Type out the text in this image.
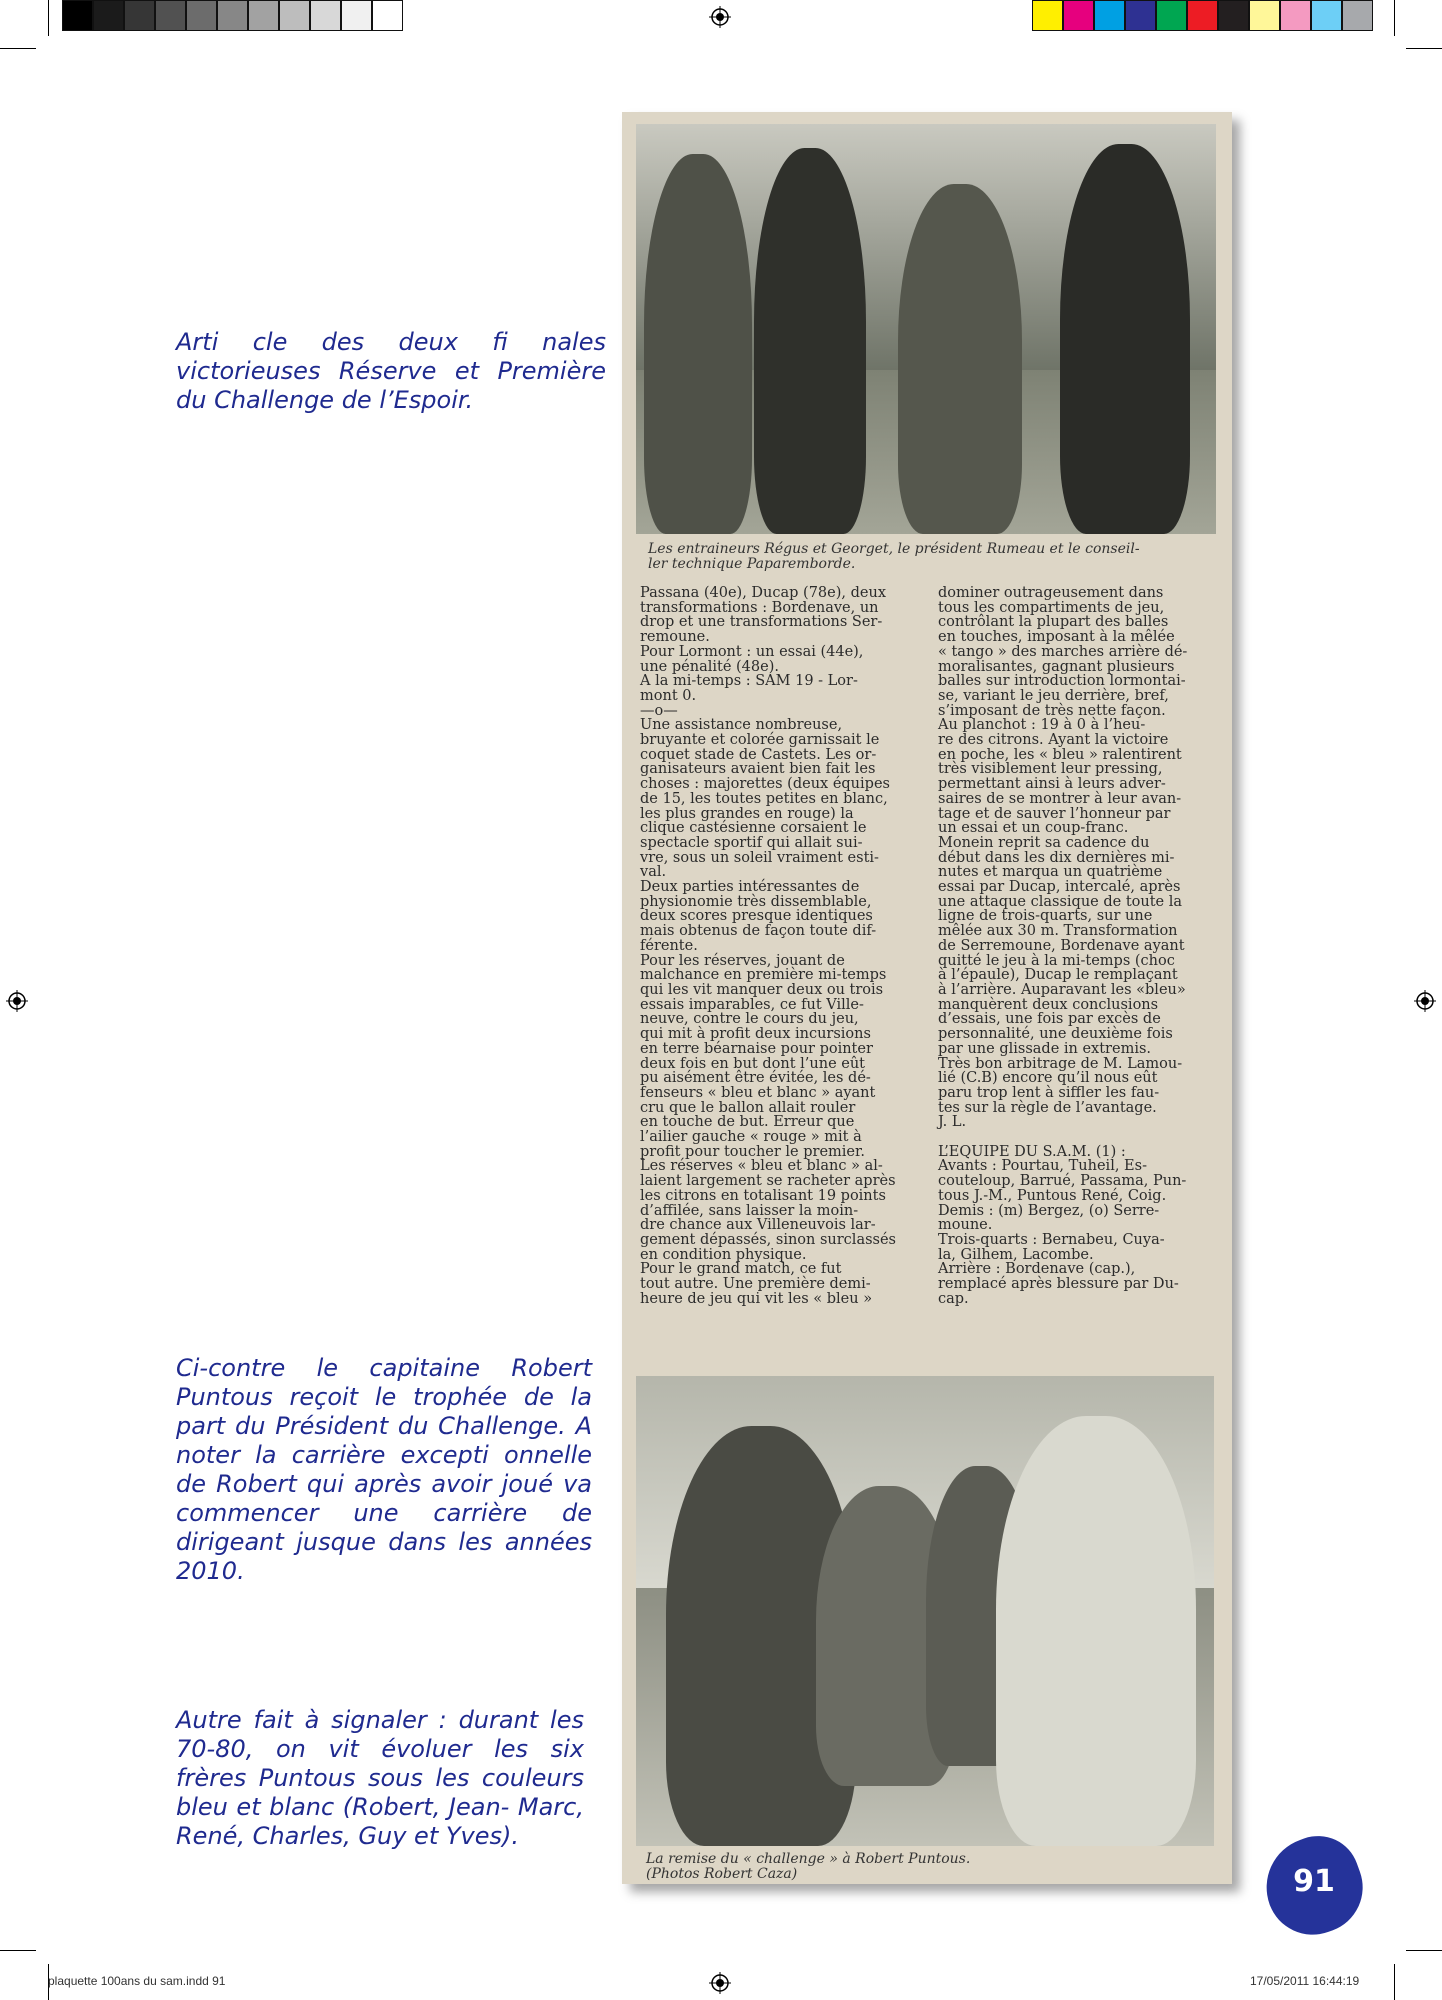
Arti cle des deux fi nales victorieuses Réserve et Première du Challenge de l’Espoir.

Ci-contre le capitaine Robert Puntous reçoit le trophée de la part du Président du Challenge. A noter la carrière excepti onnelle de Robert qui après avoir joué va commencer une carrière de dirigeant jusque dans les années 2010.

Autre fait à signaler : durant les 70-80, on vit évoluer les six frères Puntous sous les couleurs bleu et blanc (Robert, Jean- Marc, René, Charles, Guy et Yves).

Les entraineurs Régus et Georget, le président Rumeau et le conseil-
ler technique Paparemborde.

Passana (40e), Ducap (78e), deux
transformations : Bordenave, un
drop et une transformations Ser-
remoune.
Pour Lormont : un essai (44e),
une pénalité (48e).
A la mi-temps : SAM 19 - Lor-
mont 0.
—o—
Une assistance nombreuse,
bruyante et colorée garnissait le
coquet stade de Castets. Les or-
ganisateurs avaient bien fait les
choses : majorettes (deux équipes
de 15, les toutes petites en blanc,
les plus grandes en rouge) la
clique castésienne corsaient le
spectacle sportif qui allait sui-
vre, sous un soleil vraiment esti-
val.
Deux parties intéressantes de
physionomie très dissemblable,
deux scores presque identiques
mais obtenus de façon toute dif-
férente.
Pour les réserves, jouant de
malchance en première mi-temps
qui les vit manquer deux ou trois
essais imparables, ce fut Ville-
neuve, contre le cours du jeu,
qui mit à profit deux incursions
en terre béarnaise pour pointer
deux fois en but dont l’une eût
pu aisément être évitée, les dé-
fenseurs « bleu et blanc » ayant
cru que le ballon allait rouler
en touche de but. Erreur que
l’ailier gauche « rouge » mit à
profit pour toucher le premier.
Les réserves « bleu et blanc » al-
laient largement se racheter après
les citrons en totalisant 19 points
d’affilée, sans laisser la moin-
dre chance aux Villeneuvois lar-
gement dépassés, sinon surclassés
en condition physique.
Pour le grand match, ce fut
tout autre. Une première demi-
heure de jeu qui vit les « bleu »

dominer outrageusement dans
tous les compartiments de jeu,
contrôlant la plupart des balles
en touches, imposant à la mêlée
« tango » des marches arrière dé-
moralisantes, gagnant plusieurs
balles sur introduction lormontai-
se, variant le jeu derrière, bref,
s’imposant de très nette façon.
Au planchot : 19 à 0 à l’heu-
re des citrons. Ayant la victoire
en poche, les « bleu » ralentirent
très visiblement leur pressing,
permettant ainsi à leurs adver-
saires de se montrer à leur avan-
tage et de sauver l’honneur par
un essai et un coup-franc.
Monein reprit sa cadence du
début dans les dix dernières mi-
nutes et marqua un quatrième
essai par Ducap, intercalé, après
une attaque classique de toute la
ligne de trois-quarts, sur une
mêlée aux 30 m. Transformation
de Serremoune, Bordenave ayant
quitté le jeu à la mi-temps (choc
à l’épaule), Ducap le remplaçant
à l’arrière. Auparavant les «bleu»
manquèrent deux conclusions
d’essais, une fois par excès de
personnalité, une deuxième fois
par une glissade in extremis.
Très bon arbitrage de M. Lamou-
lié (C.B) encore qu’il nous eût
paru trop lent à siffler les fau-
tes sur la règle de l’avantage.
J. L.

L’EQUIPE DU S.A.M. (1) :
Avants : Pourtau, Tuheil, Es-
couteloup, Barrué, Passama, Pun-
tous J.-M., Puntous René, Coig.
Demis : (m) Bergez, (o) Serre-
moune.
Trois-quarts : Bernabeu, Cuya-
la, Gilhem, Lacombe.
Arrière : Bordenave (cap.),
remplacé après blessure par Du-
cap.

La remise du « challenge » à Robert Puntous.
(Photos Robert Caza)	91
plaquette 100ans du sam.indd 91	17/05/2011 16:44:19
